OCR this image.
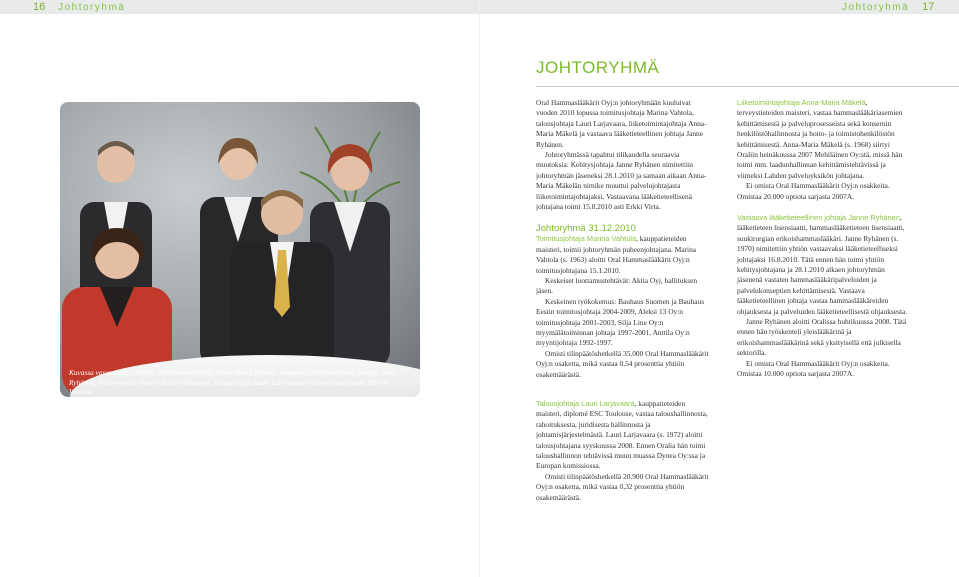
16 Johtoryhmä	Johtoryhmä 17
JOHTORYHMÄ
Kuvassa vasemmalta oikealle liiketoimintajohtaja Anna-Maria Mäkelä, vastaava lääketieteellinen johtaja Janne Ryhänen, johtoryhmän sihteeri Helena Tikanoja, talousjohtaja Lauri Larjavaara sekä toimitusjohtaja Marina Vahtola.

Oral Hammaslääkärit Oyj:n johtoryhmään kuuluivat vuoden 2010 lopussa toimitusjohtaja Marina Vahtola, talousjohtaja Lauri Larjavaara, liiketoimintajohtaja Anna-Maria Mäkelä ja vastaava lääketieteellinen johtaja Janne Ryhänen.

Johtoryhmässä tapahtui tilikaudella seuraavia muutoksia: Kehitysjohtaja Janne Ryhänen nimitettiin johtoryhmän jäseneksi 28.1.2010 ja samaan aikaan Anna-Maria Mäkelän nimike muuttui palvelujohtajasta liiketoimintajohtajaksi. Vastaavana lääketieteellisenä johtajana toimi 15.8.2010 asti Erkki Virta.

Johtoryhmä 31.12.2010

Toimitusjohtaja Marina Vahtola, kauppatieteiden maisteri, toimii johtoryhmän puheenjohtajana. Marina Vahtola (s. 1963) aloitti Oral Hammaslääkärit Oyj:n toimitusjohtajana 15.1.2010.

Keskeiset luottamustehtävät: Aktia Oyj, hallituksen jäsen.

Keskeinen työkokemus: Bauhaus Suomen ja Bauhaus Eestin toimitusjohtaja 2004-2009, Aleksi 13 Oy:n toimitusjohtaja 2001-2003, Silja Line Oy:n myymälätoiminnan johtaja 1997-2001, Anttila Oy:n myyntijohtaja 1992-1997.

Omisti tilinpäätöshetkellä 35.000 Oral Hammaslääkärit Oyj:n osaketta, mikä vastaa 0,54 prosenttia yhtiön osakemäärästä.

Talousjohtaja Lauri Larjavaara, kauppatieteiden maisteri, diplomé ESC Toulouse, vastaa taloushallinnosta, rahoituksesta, juridisesta hallinnosta ja johtamisjärjestelmästä. Lauri Larjavaara (s. 1972) aloitti talousjohtajana syyskuussa 2008. Ennen Oralia hän toimi taloushallinnon tehtävissä muun muassa Dynea Oy:ssa ja Europan komissiossa.

Omisti tilinpäätöshetkellä 20.900 Oral Hammaslääkärit Oyj:n osaketta, mikä vastaa 0,32 prosenttia yhtiön osakemäärästä.

Liiketoimintajohtaja Anna-Maria Mäkelä, terveystieteiden maisteri, vastaa hammaslääkäriasemien kehittämisestä ja palveluprosesseista sekä konsernin henkilöstöhallinnosta ja hoito- ja toimistohenkilöstön kehittämisestä. Anna-Maria Mäkelä (s. 1968) siirtyi Oraliin heinäkuussa 2007 Mehiläinen Oy:stä, missä hän toimi mm. laadunhallinnan kehittämistehtävissä ja viimeksi Lahden palveluyksikön johtajana.

Ei omista Oral Hammaslääkärit Oyj:n osakkeita. Omistaa 20.000 optiota sarjasta 2007A.

Vastaava lääketieteellinen johtaja Janne Ryhänen, lääketieteen lisensiaatti, hammaslääketieteen lisensiaatti, suukirurgian erikoishammaslääkäri. Janne Ryhänen (s. 1970) nimitettiin yhtiön vastaavaksi lääketieteelliseksi johtajaksi 16.8.2010. Tätä ennen hän toimi yhtiön kehitysjohtajana ja 28.1.2010 alkaen johtoryhmän jäsenenä vastaten hammaslääkäripalveluiden ja palvelukonseptien kehittämisestä. Vastaava lääketieteellinen johtaja vastaa hammaslääkäreiden ohjauksesta ja palveluiden lääketieteellisestä ohjauksesta.

Janne Ryhänen aloitti Oralissa huhtikuussa 2008. Tätä ennen hän työskenteli yleislääkärinä ja erikoishammaslääkärinä sekä yksityisellä että julkisella sektorilla.

Ei omista Oral Hammaslääkärit Oyj:n osakkeita. Omistaa 10.000 optiota sarjasta 2007A.
